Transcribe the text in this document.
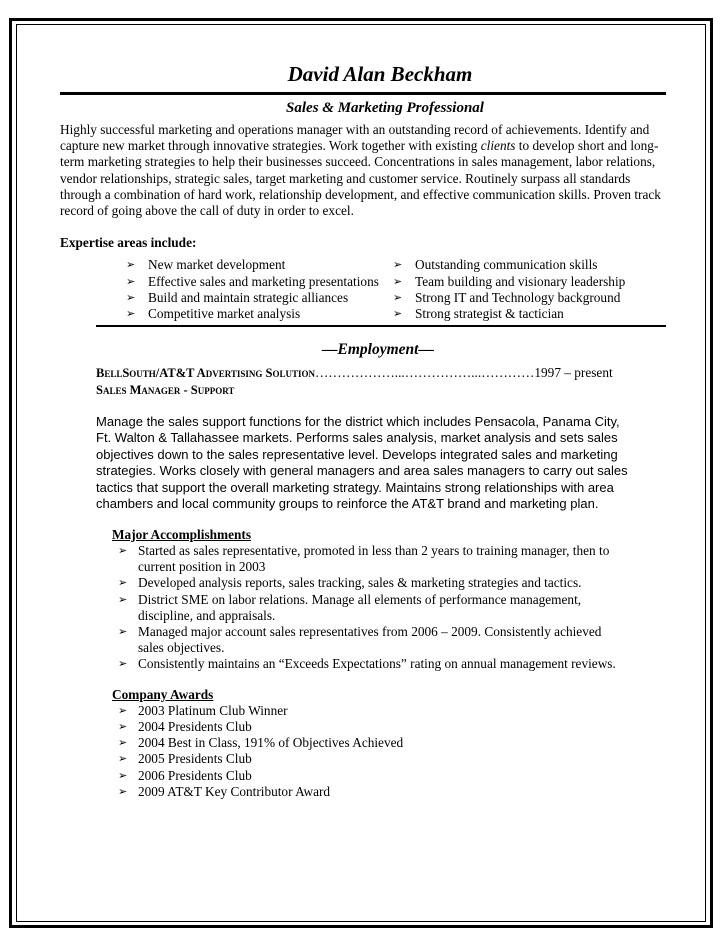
David Alan Beckham
Sales & Marketing Professional
Highly successful marketing and operations manager with an outstanding record of achievements. Identify and capture new market through innovative strategies. Work together with existing clients to develop short and long-term marketing strategies to help their businesses succeed. Concentrations in sales management, labor relations, vendor relationships, strategic sales, target marketing and customer service. Routinely surpass all standards through a combination of hard work, relationship development, and effective communication skills. Proven track record of going above the call of duty in order to excel.
Expertise areas include:
➢ New market development
➢ Effective sales and marketing presentations
➢ Build and maintain strategic alliances
➢ Competitive market analysis
➢ Outstanding communication skills
➢ Team building and visionary leadership
➢ Strong IT and Technology background
➢ Strong strategist & tactician
—Employment—
BellSouth/AT&T Advertising Solution………………...……………...…………1997 – present
Sales Manager - Support
Manage the sales support functions for the district which includes Pensacola, Panama City, Ft. Walton & Tallahassee markets. Performs sales analysis, market analysis and sets sales objectives down to the sales representative level. Develops integrated sales and marketing strategies. Works closely with general managers and area sales managers to carry out sales tactics that support the overall marketing strategy. Maintains strong relationships with area chambers and local community groups to reinforce the AT&T brand and marketing plan.
Major Accomplishments
➢ Started as sales representative, promoted in less than 2 years to training manager, then to current position in 2003
➢ Developed analysis reports, sales tracking, sales & marketing strategies and tactics.
➢ District SME on labor relations. Manage all elements of performance management, discipline, and appraisals.
➢ Managed major account sales representatives from 2006 – 2009. Consistently achieved sales objectives.
➢ Consistently maintains an “Exceeds Expectations” rating on annual management reviews.
Company Awards
➢ 2003 Platinum Club Winner
➢ 2004 Presidents Club
➢ 2004 Best in Class, 191% of Objectives Achieved
➢ 2005 Presidents Club
➢ 2006 Presidents Club
➢ 2009 AT&T Key Contributor Award
